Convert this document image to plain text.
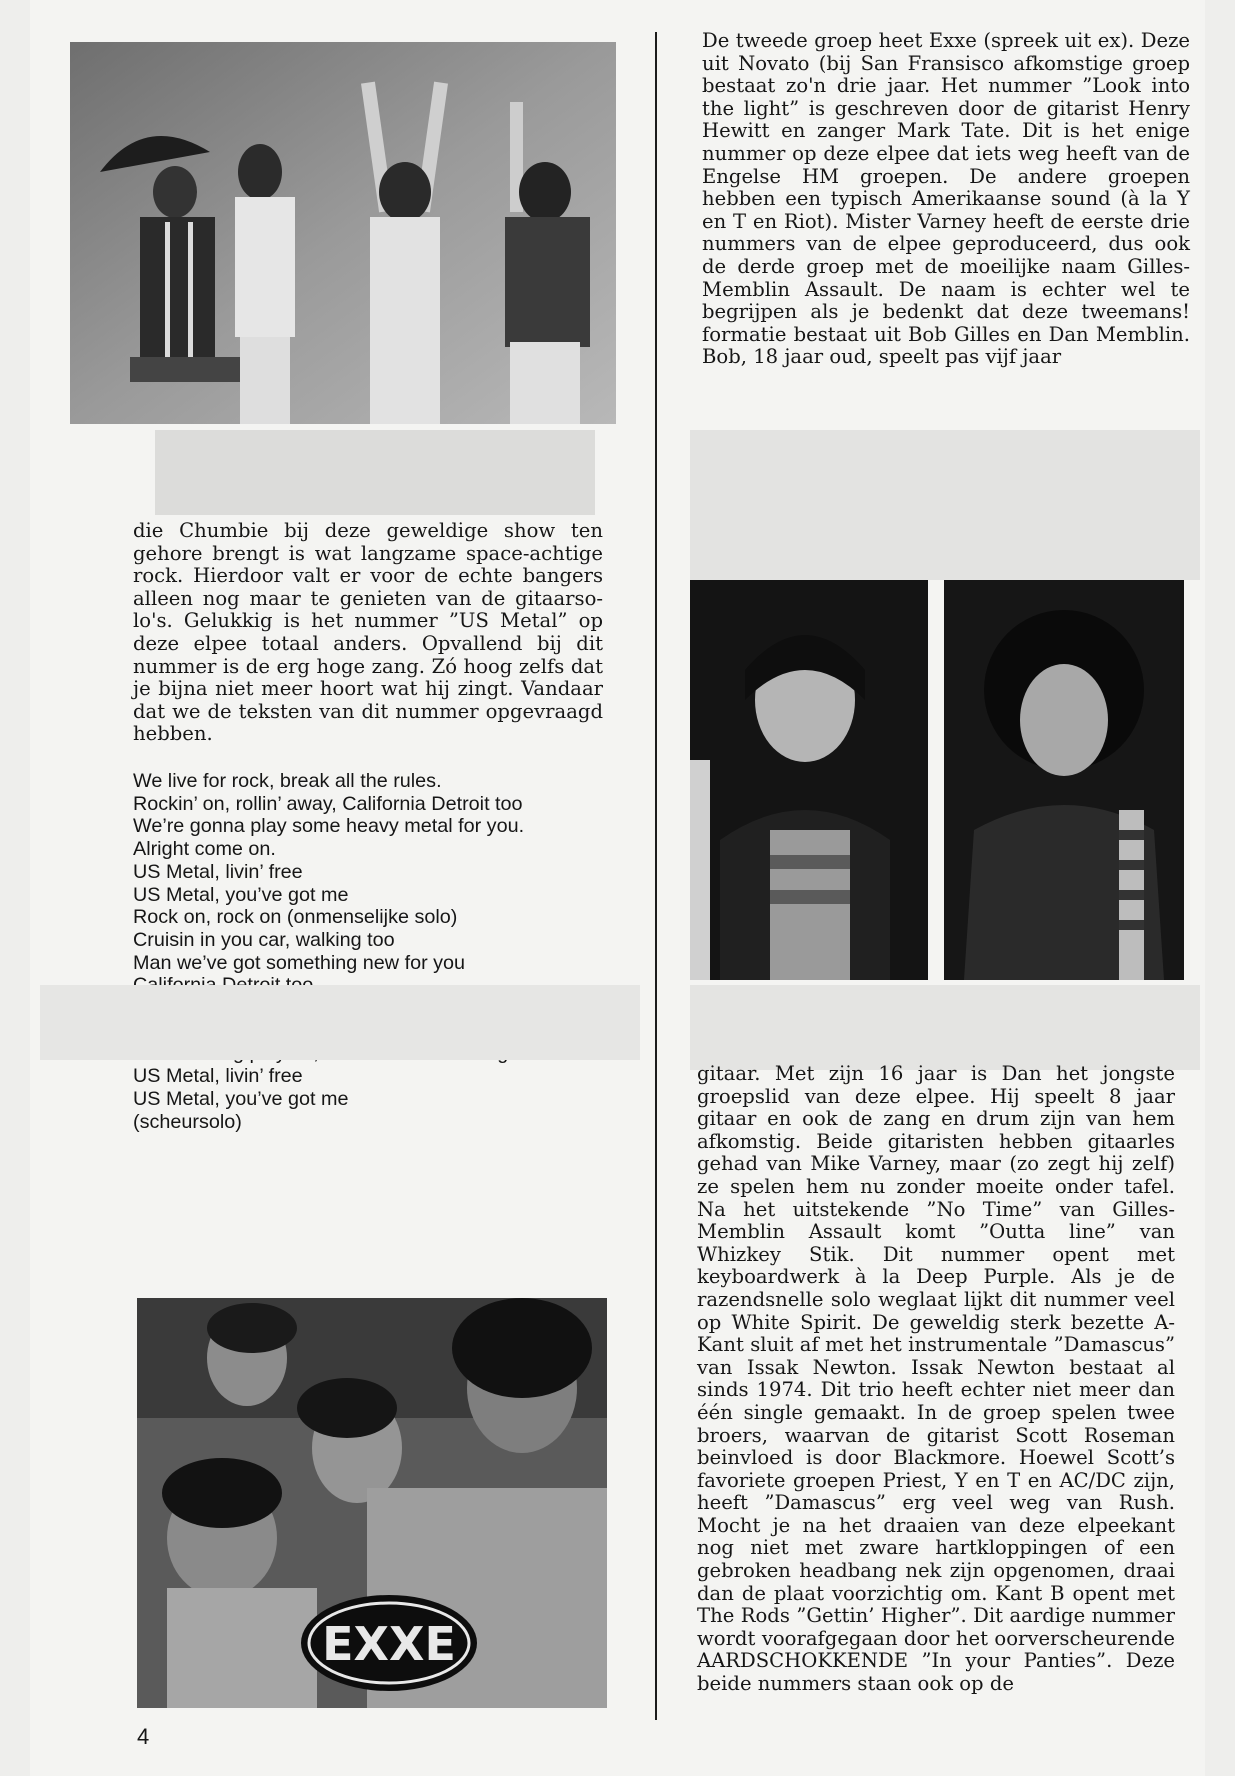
De tweede groep heet Exxe (spreek uit ex). Deze uit Novato (bij San Fransisco afkomstige groep bestaat zo'n drie jaar. Het nummer ”Look into the light” is geschreven door de gitarist Henry Hewitt en zanger Mark Tate. Dit is het enige nummer op deze elpee dat iets weg heeft van de Engelse HM groepen. De andere groepen hebben een typisch Amerikaanse sound (à la Y en T en Riot). Mister Varney heeft de eerste drie nummers van de elpee geproduceerd, dus ook de derde groep met de moeilijke naam Gilles-Memblin Assault. De naam is echter wel te begrijpen als je bedenkt dat deze tweemans! formatie bestaat uit Bob Gilles en Dan Memblin. Bob, 18 jaar oud, speelt pas vijf jaar

die Chumbie bij deze geweldige show ten gehore brengt is wat langzame space-achtige rock. Hierdoor valt er voor de echte bangers alleen nog maar te genieten van de gitaarsolo's. Gelukkig is het nummer ”US Metal” op deze elpee totaal anders. Opvallend bij dit nummer is de erg hoge zang. Zó hoog zelfs dat je bijna niet meer hoort wat hij zingt. Vandaar dat we de teksten van dit nummer opgevraagd hebben.

We live for rock, break all the rules.
Rockin’ on, rollin’ away, California Detroit too
We’re gonna play some heavy metal for you.
Alright come on.
US Metal, livin’ free
US Metal, you’ve got me
Rock on, rock on (onmenselijke solo)
Cruisin in you car, walking too
Man we’ve got something new for you
US Metal, livin’ free
US Metal, you’ve got me
(scheursolo)

gitaar. Met zijn 16 jaar is Dan het jongste groepslid van deze elpee. Hij speelt 8 jaar gitaar en ook de zang en drum zijn van hem afkomstig. Beide gitaristen hebben gitaarles gehad van Mike Varney, maar (zo zegt hij zelf) ze spelen hem nu zonder moeite onder tafel. Na het uitstekende ”No Time” van Gilles-Memblin Assault komt ”Outta line” van Whizkey Stik. Dit nummer opent met keyboardwerk à la Deep Purple. Als je de razendsnelle solo weglaat lijkt dit nummer veel op White Spirit. De geweldig sterk bezette A-Kant sluit af met het instrumentale ”Damascus” van Issak Newton. Issak Newton bestaat al sinds 1974. Dit trio heeft echter niet meer dan één single gemaakt. In de groep spelen twee broers, waarvan de gitarist Scott Roseman beinvloed is door Blackmore. Hoewel Scott’s favoriete groepen Priest, Y en T en AC/DC zijn, heeft ”Damascus” erg veel weg van Rush. Mocht je na het draaien van deze elpeekant nog niet met zware hartkloppingen of een gebroken headbang nek zijn opgenomen, draai dan de plaat voorzichtig om. Kant B opent met The Rods ”Gettin’ Higher”. Dit aardige nummer wordt voorafgegaan door het oorverscheurende AARDSCHOKKENDE ”In your Panties”. Deze beide nummers staan ook op de

EXXE
4
